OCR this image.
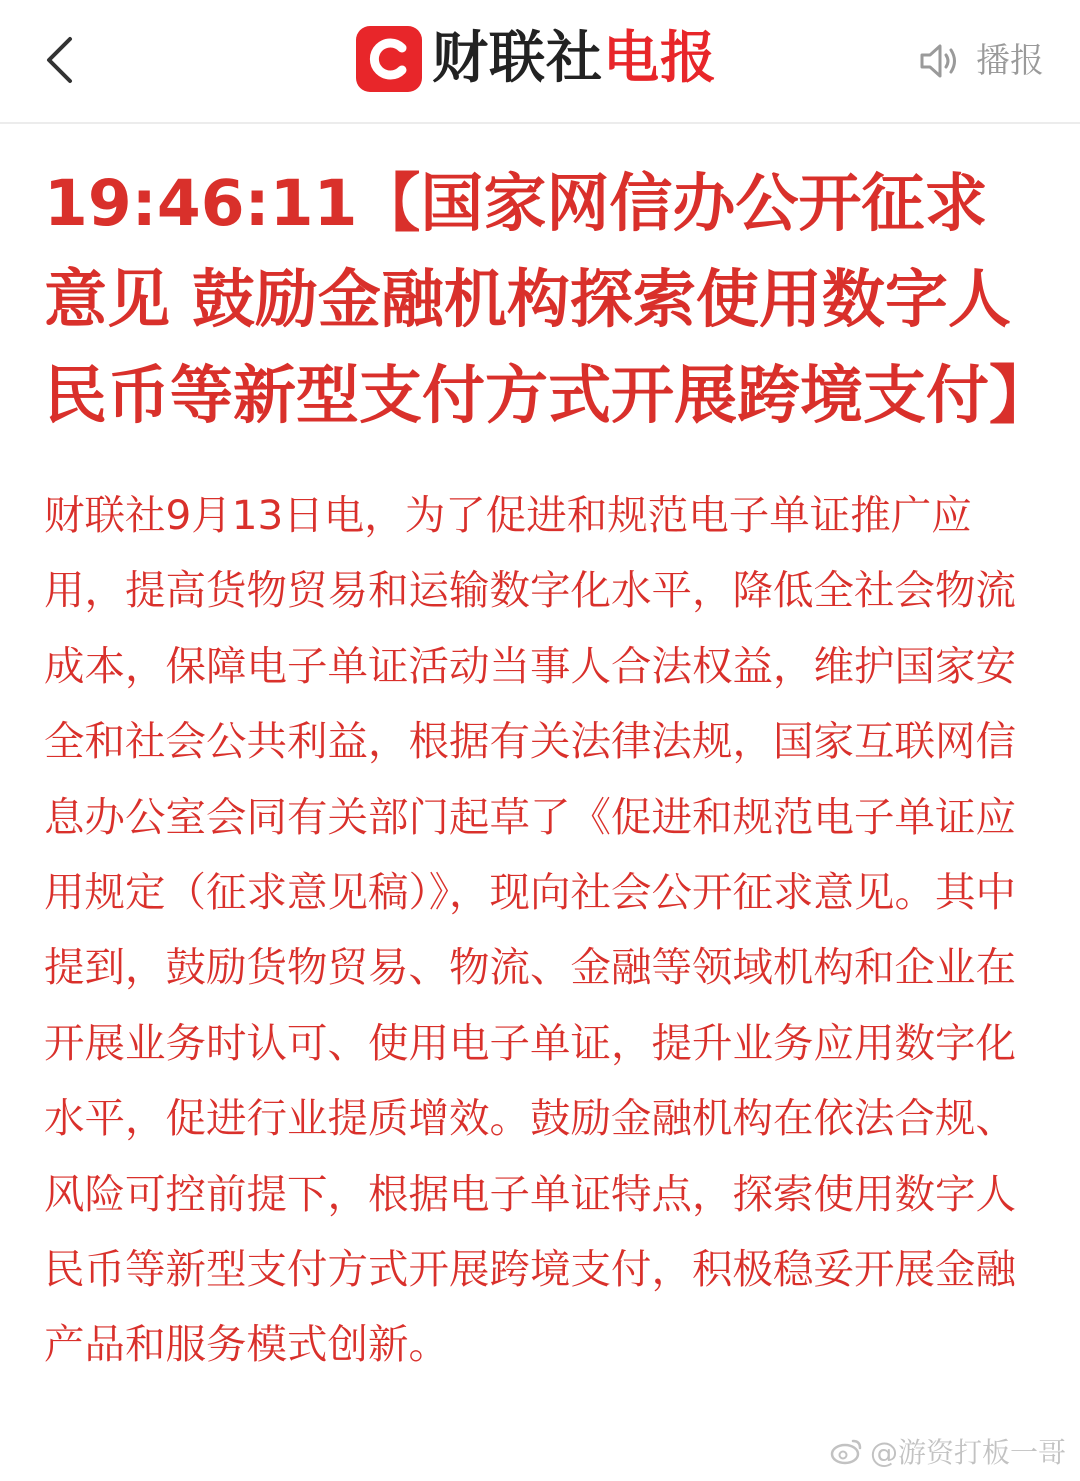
财联社电报	播报
19:46:11【国家网信办公开征求意见 鼓励金融机构探索使用数字人民币等新型支付方式开展跨境支付】

财联社9月13日电，为了促进和规范电子单证推广应用，提高货物贸易和运输数字化水平，降低全社会物流成本，保障电子单证活动当事人合法权益，维护国家安全和社会公共利益，根据有关法律法规，国家互联网信息办公室会同有关部门起草了《促进和规范电子单证应用规定（征求意见稿）》，现向社会公开征求意见。其中提到，鼓励货物贸易、物流、金融等领域机构和企业在开展业务时认可、使用电子单证，提升业务应用数字化水平，促进行业提质增效。鼓励金融机构在依法合规、风险可控前提下，根据电子单证特点，探索使用数字人民币等新型支付方式开展跨境支付，积极稳妥开展金融产品和服务模式创新。

@游资打板一哥
